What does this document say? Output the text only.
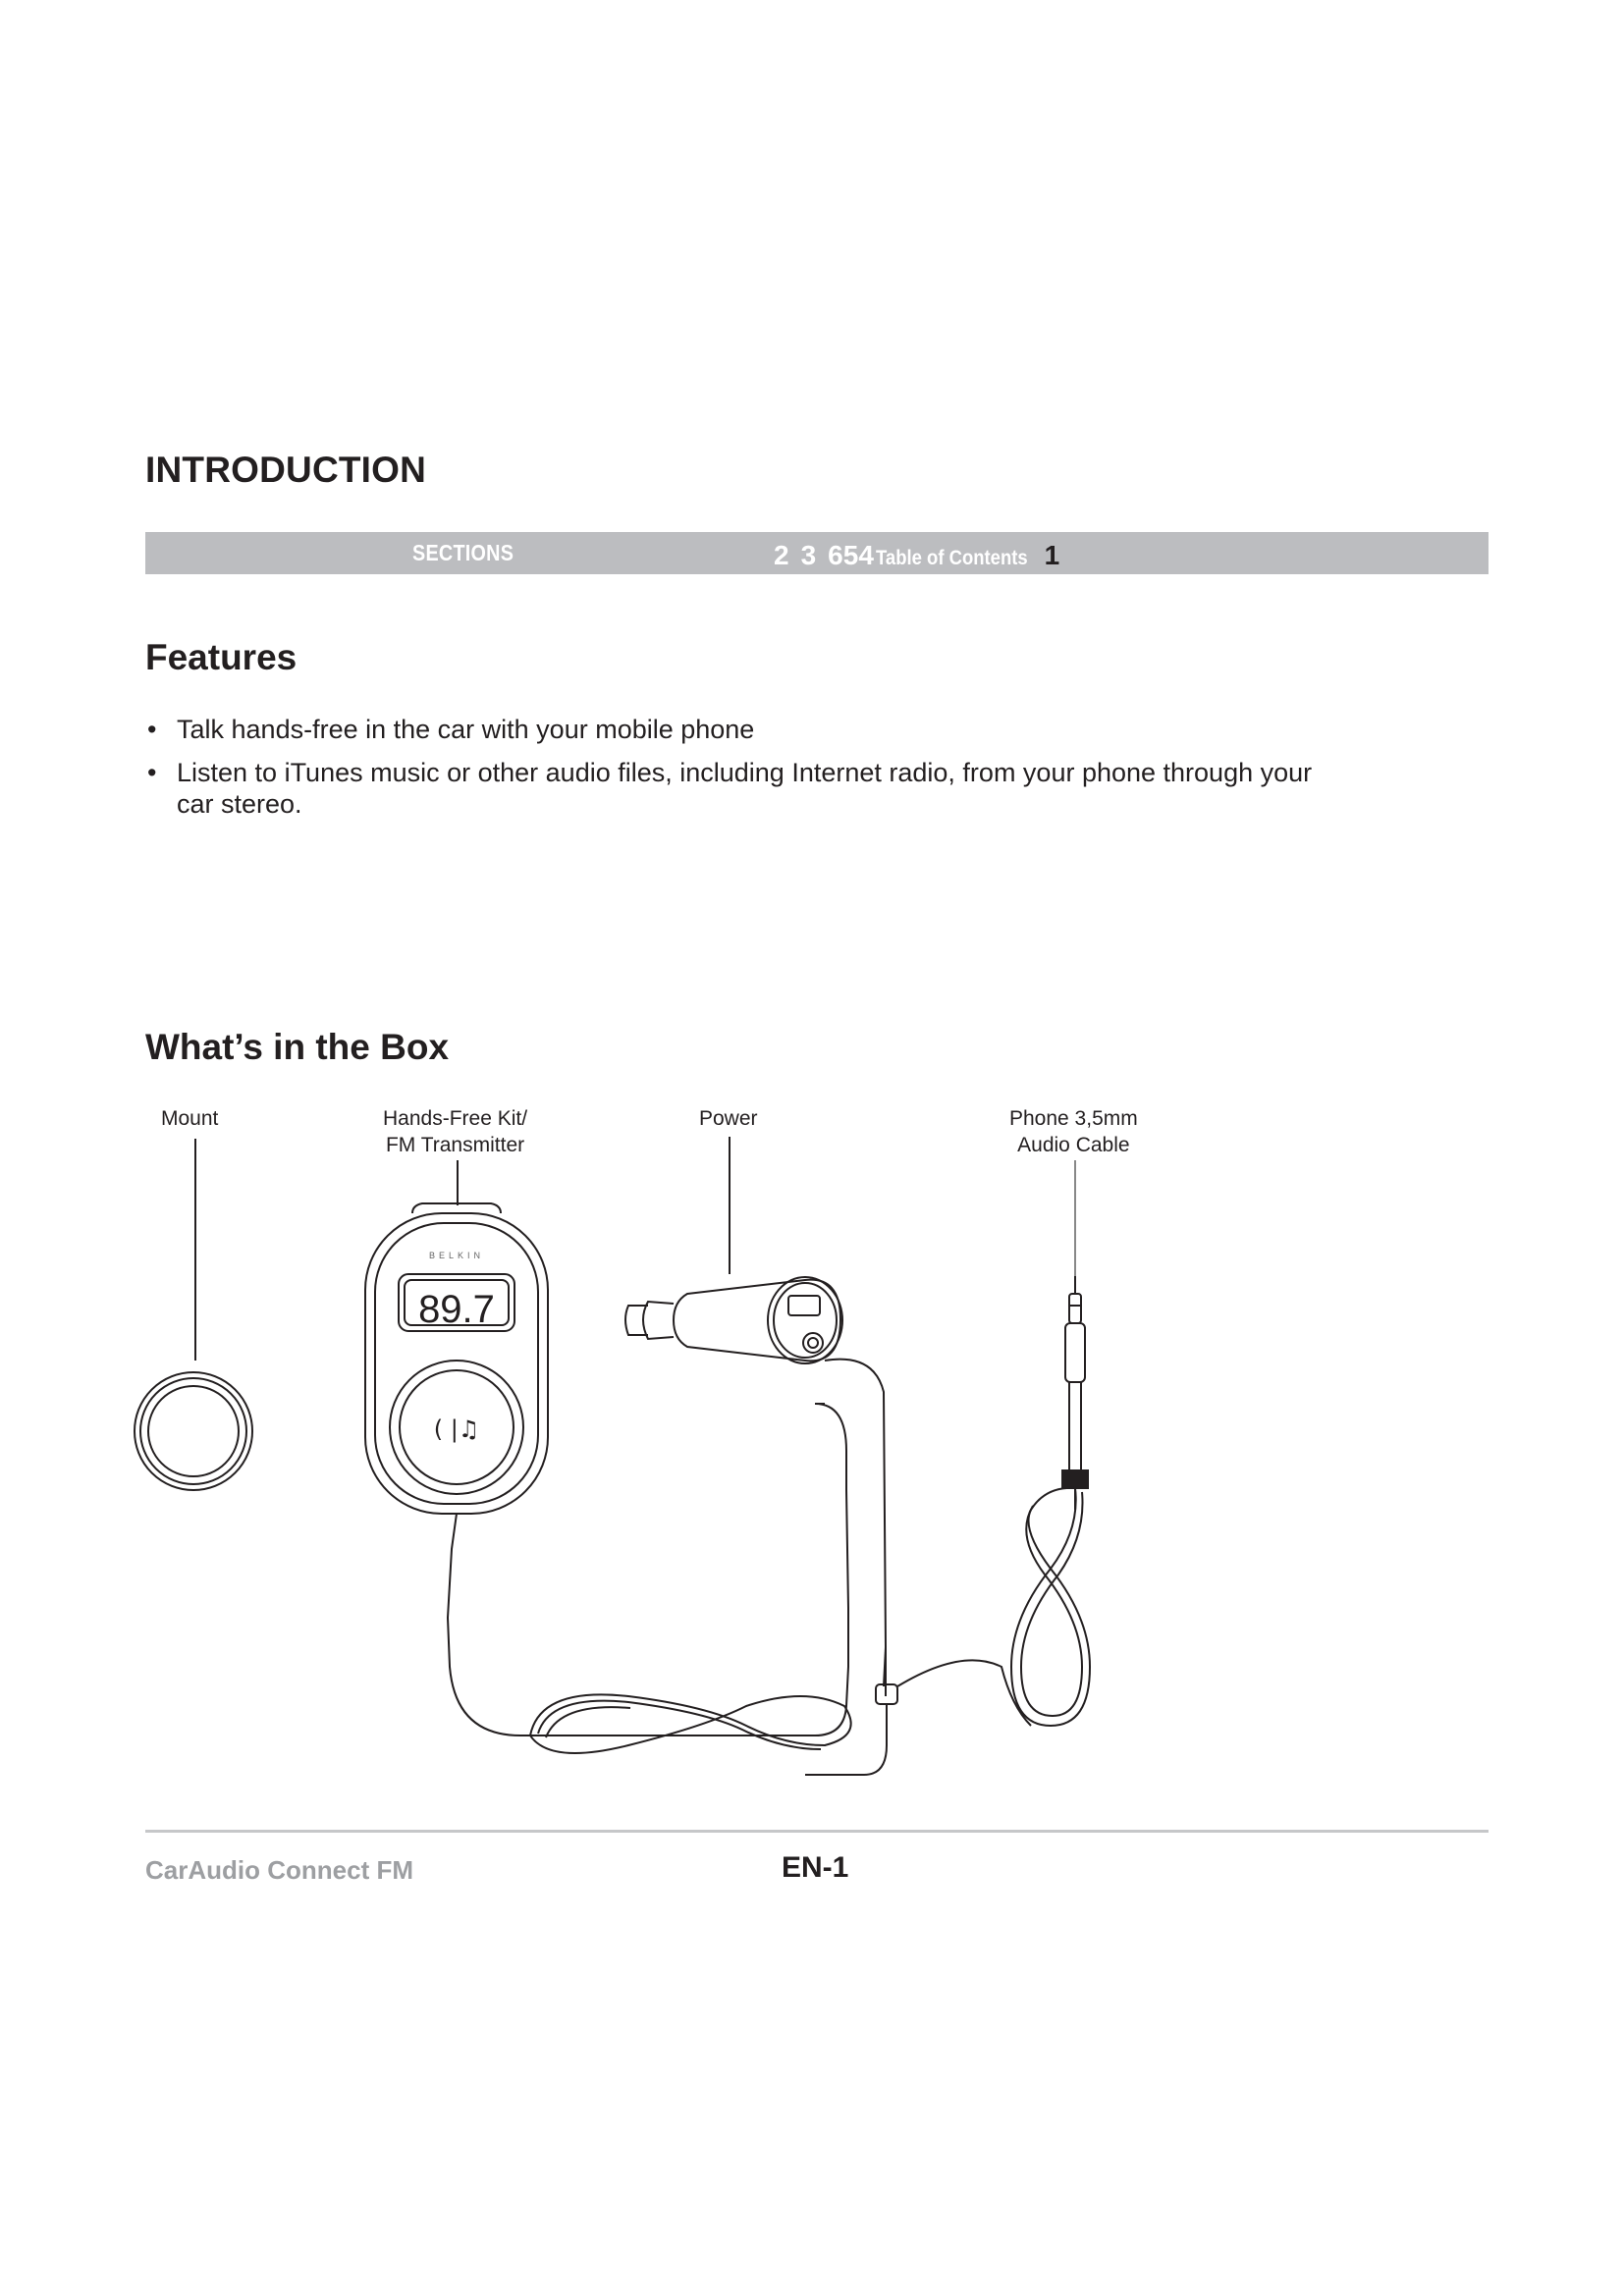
INTRODUCTION
SECTIONS	2 3 6 5 4 Table of Contents 1
Features
• Talk hands-free in the car with your mobile phone
• Listen to iTunes music or other audio files, including Internet radio, from your phone through your car stereo.
What’s in the Box
Mount	Hands-Free Kit/
FM Transmitter
Power	Phone 3,5mm
Audio Cable
89.7
BELKIN
( |♫
CarAudio Connect FM	EN-1
